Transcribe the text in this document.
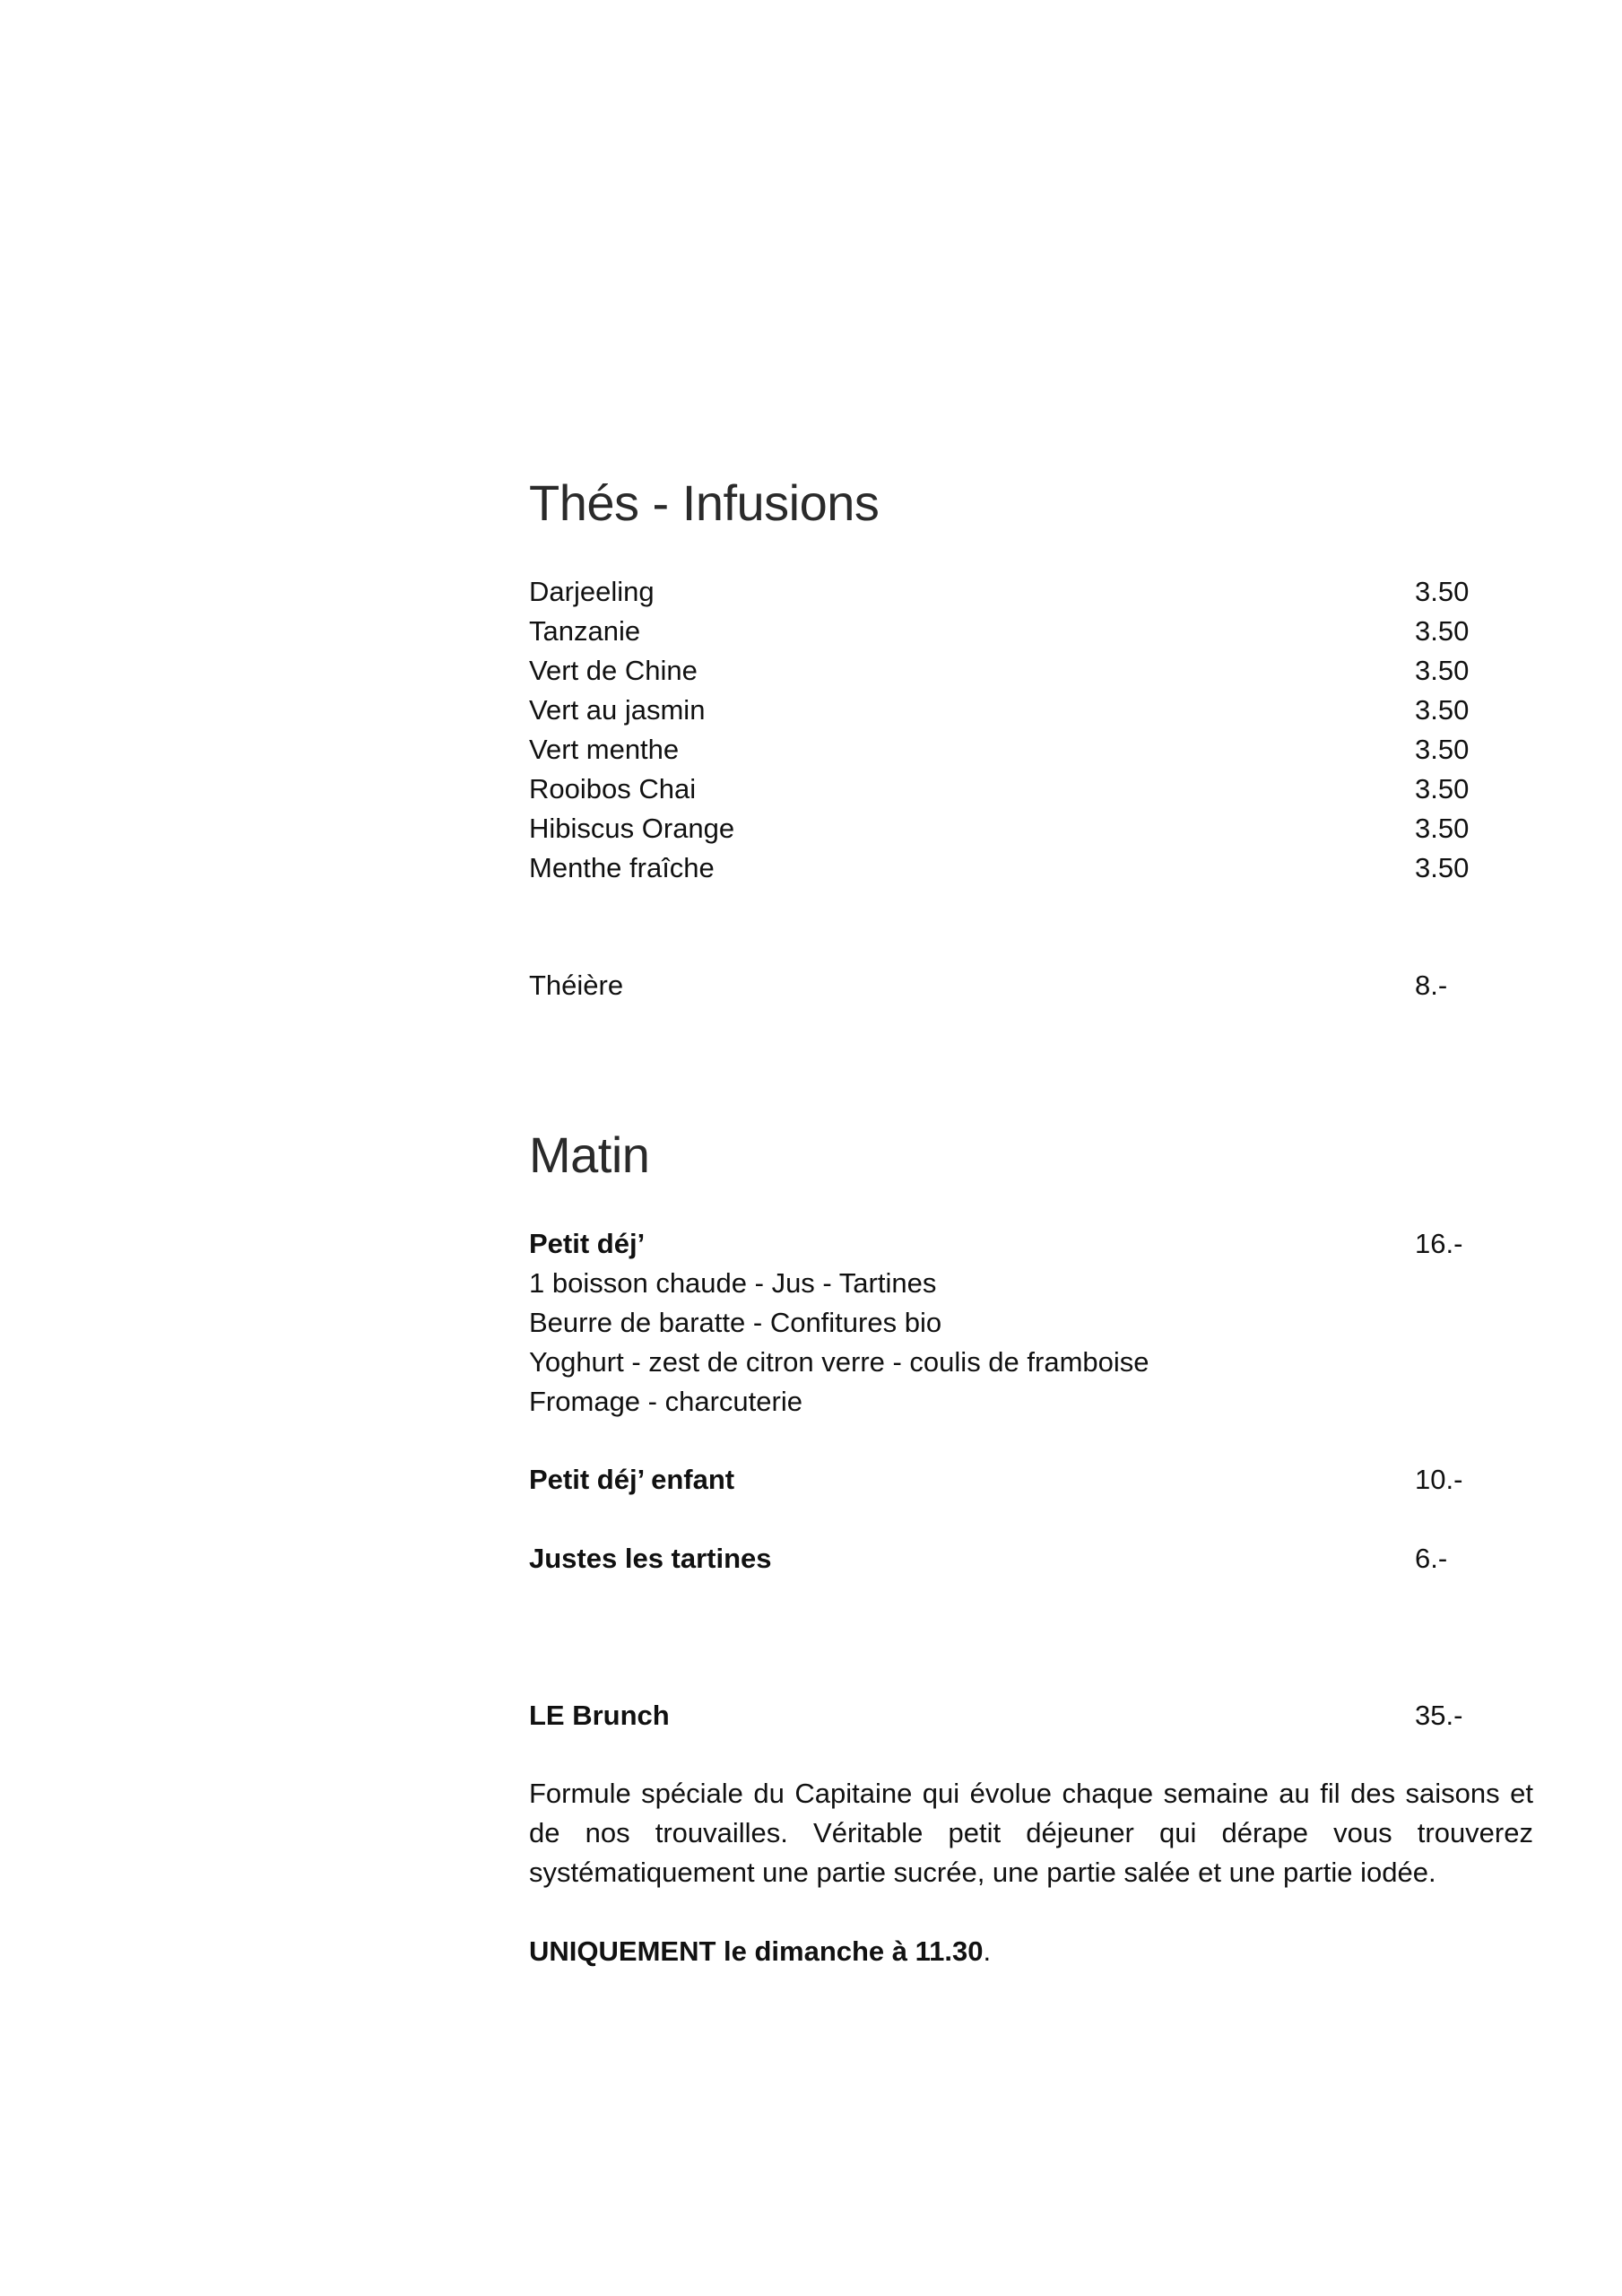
Thés - Infusions
Darjeeling	3.50
Tanzanie	3.50
Vert de Chine	3.50
Vert au jasmin	3.50
Vert menthe	3.50
Rooibos Chai	3.50
Hibiscus Orange	3.50
Menthe fraîche	3.50
Théière	8.-
Matin
Petit déj’	16.-
1 boisson chaude - Jus - Tartines
Beurre de baratte - Confitures bio
Yoghurt - zest de citron verre - coulis de framboise
Fromage - charcuterie
Petit déj’ enfant	10.-
Justes les tartines	6.-
LE Brunch	35.-

Formule spéciale du Capitaine qui évolue chaque semaine au fil des saisons et de nos trouvailles. Véritable petit déjeuner qui dérape vous trouverez systématiquement une partie sucrée, une partie salée et une partie iodée.

UNIQUEMENT le dimanche à 11.30.
